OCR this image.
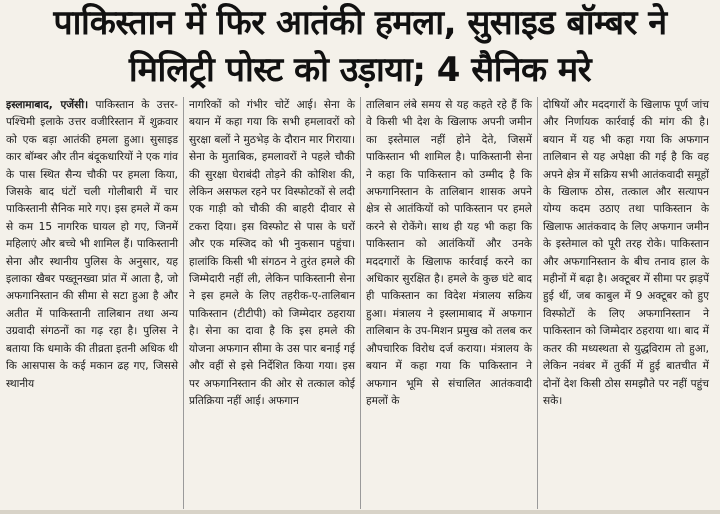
पाकिस्तान में फिर आतंकी हमला, सुसाइड बॉम्बर ने
मिलिट्री पोस्ट को उड़ाया; 4 सैनिक मरे
इस्लामाबाद, एजेंसी। पाकिस्तान के उत्तर-पश्चिमी इलाके उत्तर वजीरिस्तान में शुक्रवार को एक बड़ा आतंकी हमला हुआ। सुसाइड कार बॉम्बर और तीन बंदूकधारियों ने एक गांव के पास स्थित सैन्य चौकी पर हमला किया, जिसके बाद घंटों चली गोलीबारी में चार पाकिस्तानी सैनिक मारे गए। इस हमले में कम से कम 15 नागरिक घायल हो गए, जिनमें महिलाएं और बच्चे भी शामिल हैं। पाकिस्तानी सेना और स्थानीय पुलिस के अनुसार, यह इलाका खैबर पख्तूनख्वा प्रांत में आता है, जो अफगानिस्तान की सीमा से सटा हुआ है और अतीत में पाकिस्तानी तालिबान तथा अन्य उग्रवादी संगठनों का गढ़ रहा है। पुलिस ने बताया कि धमाके की तीव्रता इतनी अधिक थी कि आसपास के कई मकान ढह गए, जिससे स्थानीय
नागरिकों को गंभीर चोटें आई। सेना के बयान में कहा गया कि सभी हमलावरों को सुरक्षा बलों ने मुठभेड़ के दौरान मार गिराया। सेना के मुताबिक, हमलावरों ने पहले चौकी की सुरक्षा घेराबंदी तोड़ने की कोशिश की, लेकिन असफल रहने पर विस्फोटकों से लदी एक गाड़ी को चौकी की बाहरी दीवार से टकरा दिया। इस विस्फोट से पास के घरों और एक मस्जिद को भी नुकसान पहुंचा। हालांकि किसी भी संगठन ने तुरंत हमले की जिम्मेदारी नहीं ली, लेकिन पाकिस्तानी सेना ने इस हमले के लिए तहरीक-ए-तालिबान पाकिस्तान (टीटीपी) को जिम्मेदार ठहराया है। सेना का दावा है कि इस हमले की योजना अफगान सीमा के उस पार बनाई गई और वहीं से इसे निर्देशित किया गया। इस पर अफगानिस्तान की ओर से तत्काल कोई प्रतिक्रिया नहीं आई। अफगान
तालिबान लंबे समय से यह कहते रहे हैं कि वे किसी भी देश के खिलाफ अपनी जमीन का इस्तेमाल नहीं होने देते, जिसमें पाकिस्तान भी शामिल है। पाकिस्तानी सेना ने कहा कि पाकिस्तान को उम्मीद है कि अफगानिस्तान के तालिबान शासक अपने क्षेत्र से आतंकियों को पाकिस्तान पर हमले करने से रोकेंगे। साथ ही यह भी कहा कि पाकिस्तान को आतंकियों और उनके मददगारों के खिलाफ कार्रवाई करने का अधिकार सुरक्षित है। हमले के कुछ घंटे बाद ही पाकिस्तान का विदेश मंत्रालय सक्रिय हुआ। मंत्रालय ने इस्लामाबाद में अफगान तालिबान के उप-मिशन प्रमुख को तलब कर औपचारिक विरोध दर्ज कराया। मंत्रालय के बयान में कहा गया कि पाकिस्तान ने अफगान भूमि से संचालित आतंकवादी हमलों के
दोषियों और मददगारों के खिलाफ पूर्ण जांच और निर्णायक कार्रवाई की मांग की है। बयान में यह भी कहा गया कि अफगान तालिबान से यह अपेक्षा की गई है कि वह अपने क्षेत्र में सक्रिय सभी आतंकवादी समूहों के खिलाफ ठोस, तत्काल और सत्यापन योग्य कदम उठाए तथा पाकिस्तान के खिलाफ आतंकवाद के लिए अफगान जमीन के इस्तेमाल को पूरी तरह रोके। पाकिस्तान और अफगानिस्तान के बीच तनाव हाल के महीनों में बढ़ा है। अक्टूबर में सीमा पर झड़पें हुई थीं, जब काबुल में 9 अक्टूबर को हुए विस्फोटों के लिए अफगानिस्तान ने पाकिस्तान को जिम्मेदार ठहराया था। बाद में कतर की मध्यस्थता से युद्धविराम तो हुआ, लेकिन नवंबर में तुर्की में हुई बातचीत में दोनों देश किसी ठोस समझौते पर नहीं पहुंच सके।
